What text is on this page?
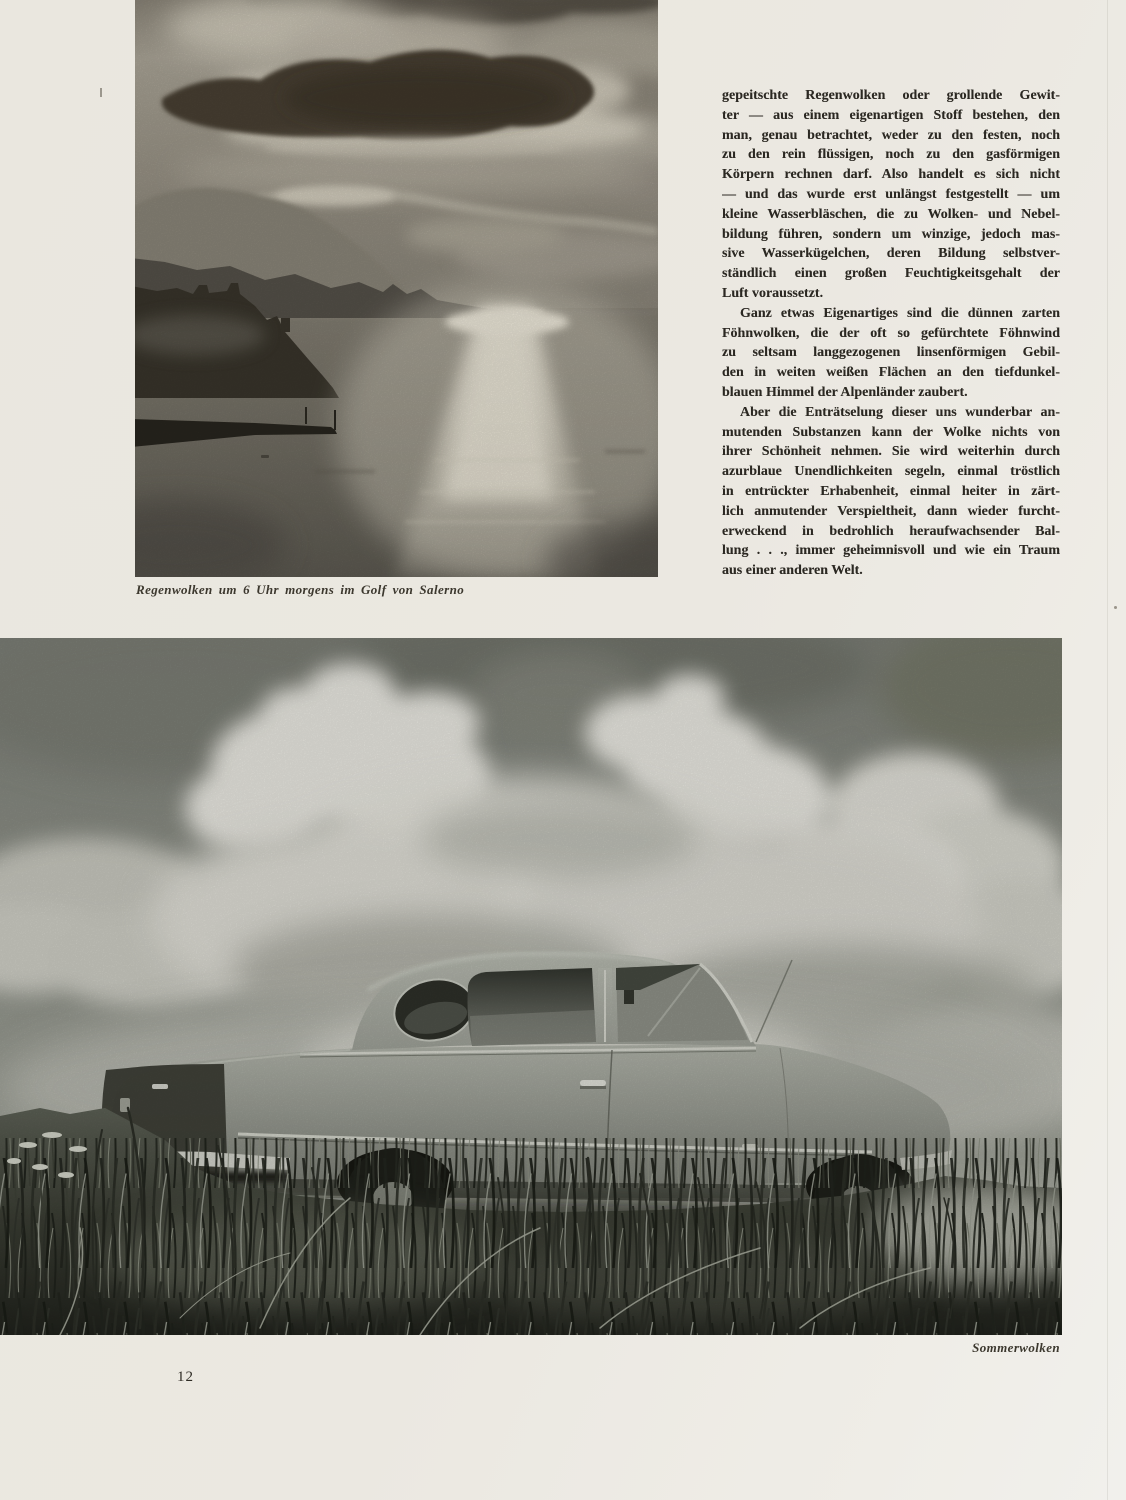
Regenwolken um 6 Uhr morgens im Golf von Salerno
gepeitschte Regenwolken oder grollende Gewit-
ter — aus einem eigenartigen Stoff bestehen, den
man, genau betrachtet, weder zu den festen, noch
zu den rein flüssigen, noch zu den gasförmigen
Körpern rechnen darf. Also handelt es sich nicht
— und das wurde erst unlängst festgestellt — um
kleine Wasserbläschen, die zu Wolken- und Nebel-
bildung führen, sondern um winzige, jedoch mas-
sive Wasserkügelchen, deren Bildung selbstver-
ständlich einen großen Feuchtigkeitsgehalt der
Luft voraussetzt.
Ganz etwas Eigenartiges sind die dünnen zarten
Föhnwolken, die der oft so gefürchtete Föhnwind
zu seltsam langgezogenen linsenförmigen Gebil-
den in weiten weißen Flächen an den tiefdunkel-
blauen Himmel der Alpenländer zaubert.
Aber die Enträtselung dieser uns wunderbar an-
mutenden Substanzen kann der Wolke nichts von
ihrer Schönheit nehmen. Sie wird weiterhin durch
azurblaue Unendlichkeiten segeln, einmal tröstlich
in entrückter Erhabenheit, einmal heiter in zärt-
lich anmutender Verspieltheit, dann wieder furcht-
erweckend in bedrohlich heraufwachsender Bal-
lung . . ., immer geheimnisvoll und wie ein Traum
aus einer anderen Welt.
Sommerwolken
12
